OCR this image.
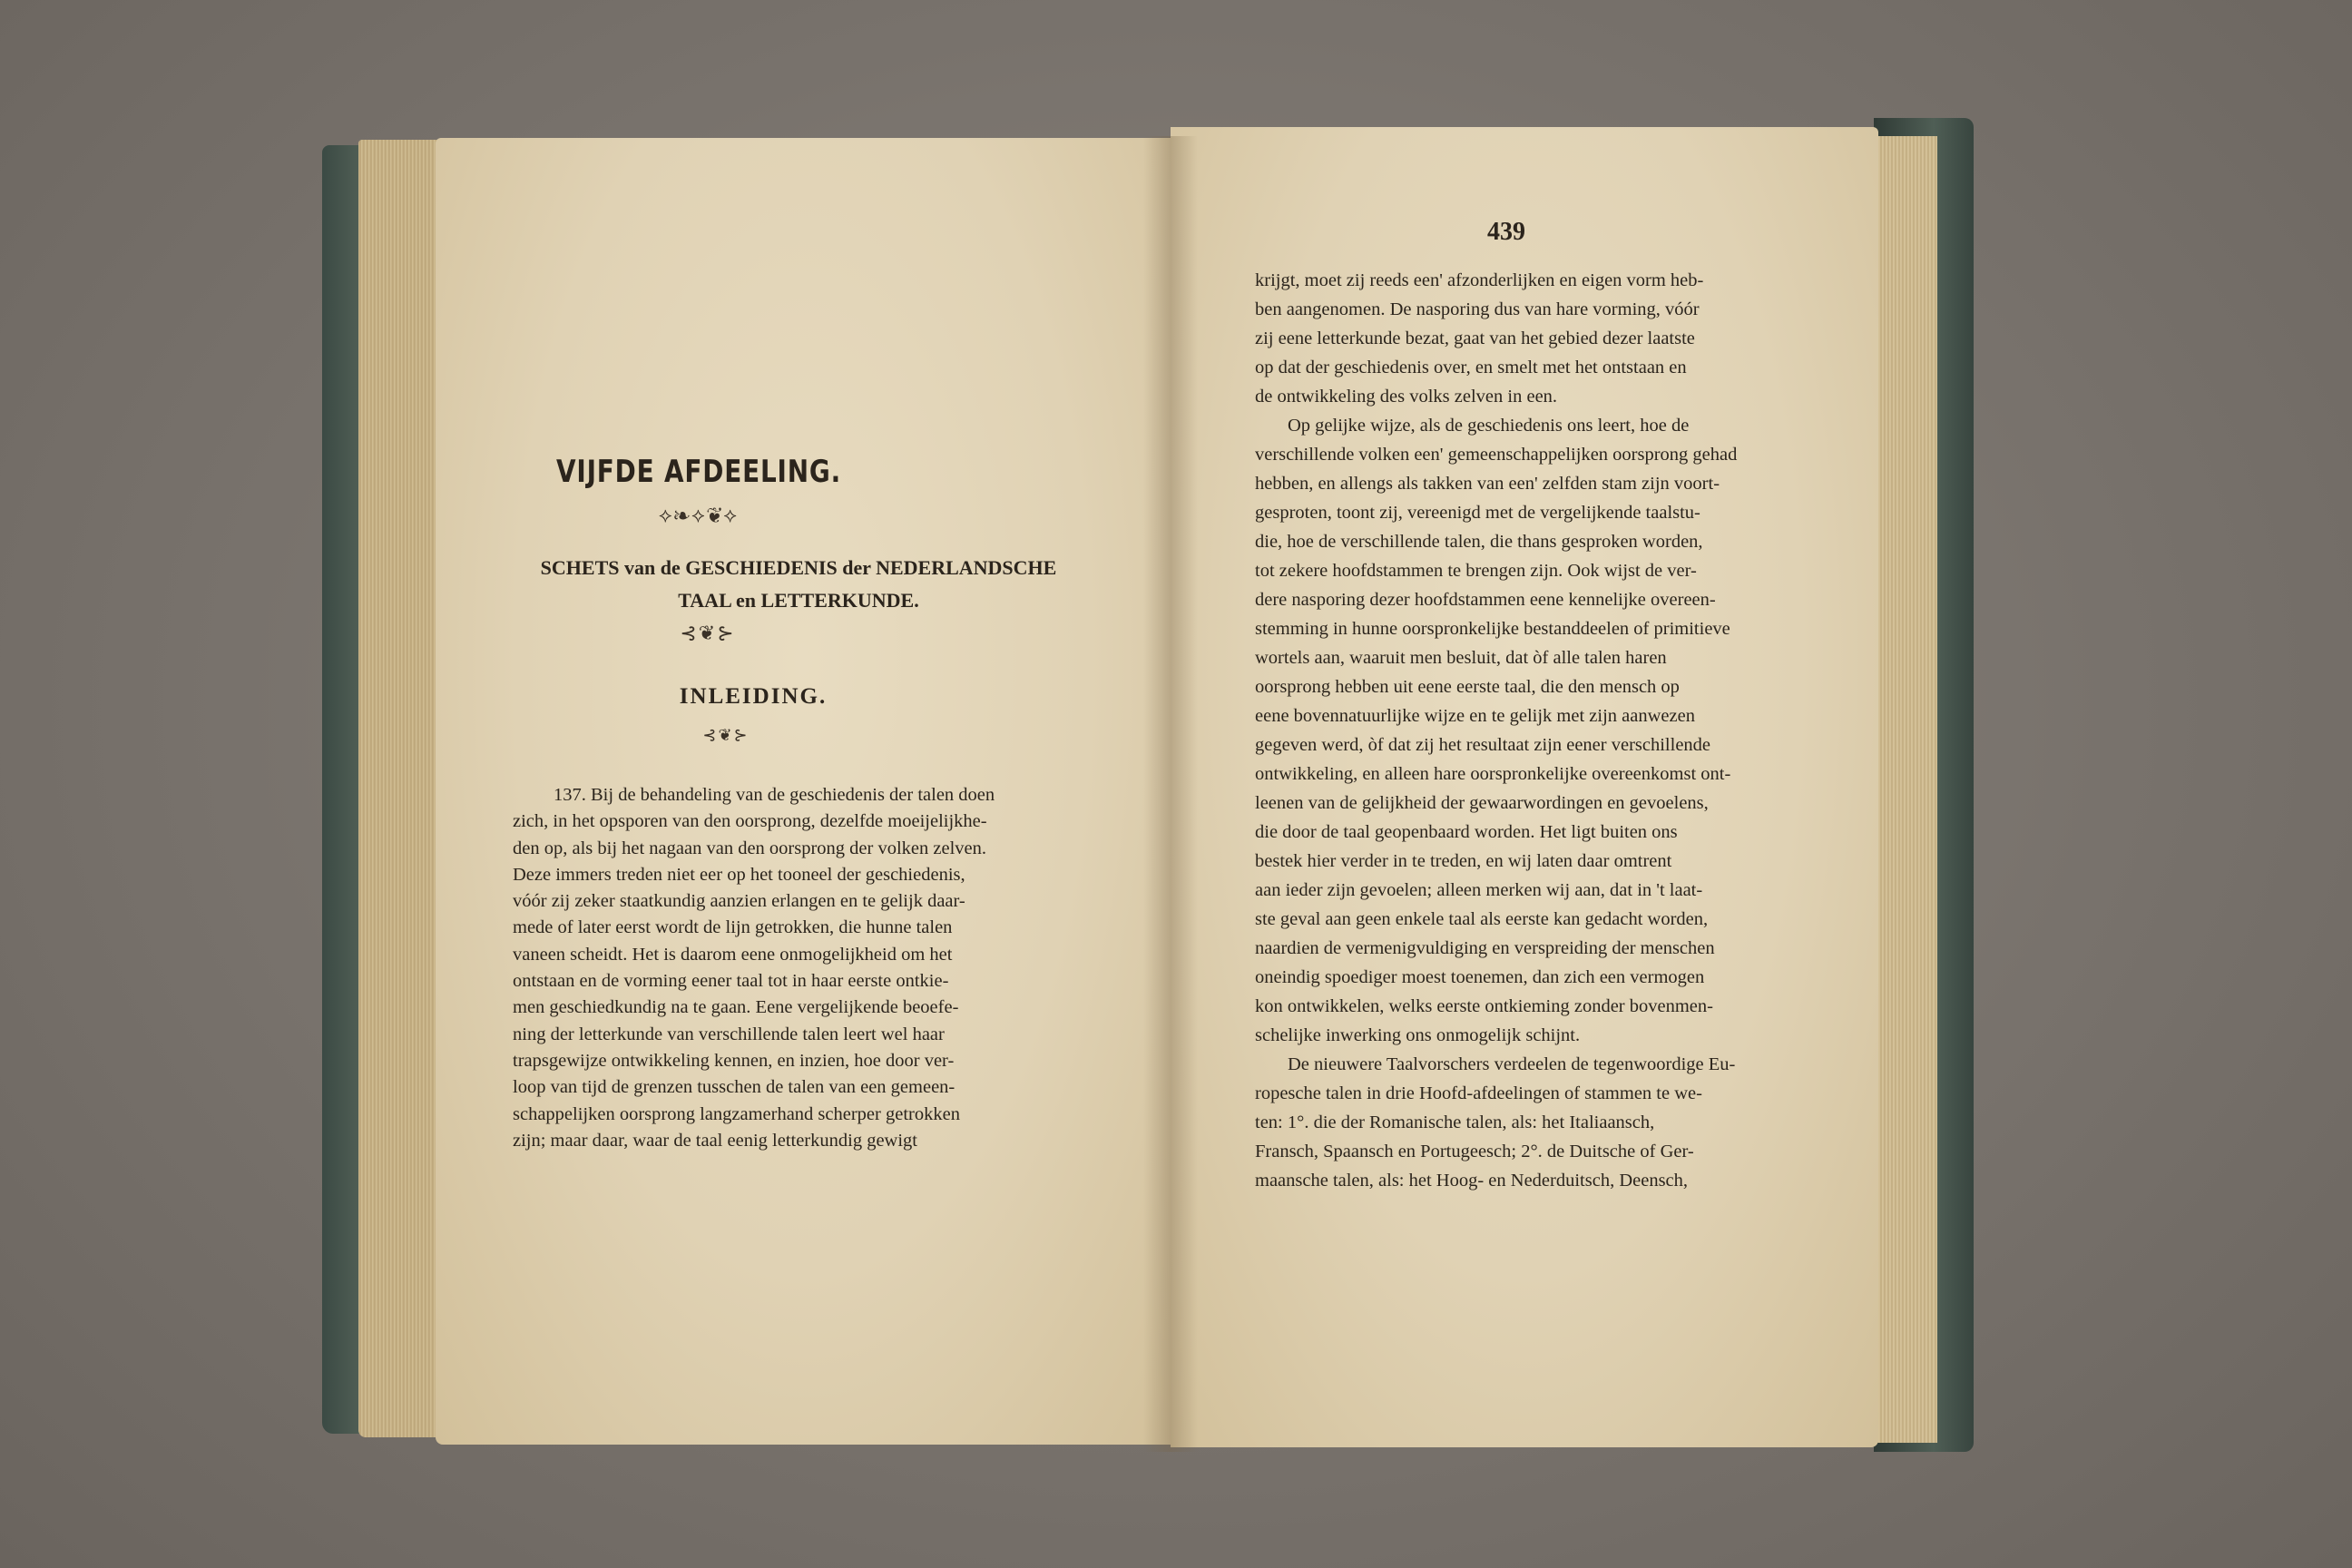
VIJFDE AFDEELING.
⟡❧⟡❦⟡
SCHETS van de GESCHIEDENIS der NEDERLANDSCHE
TAAL en LETTERKUNDE.
⊰❦⊱
INLEIDING.
⊰❦⊱
137. Bij de behandeling van de geschiedenis der talen doen
zich, in het opsporen van den oorsprong, dezelfde moeijelijkhe-
den op, als bij het nagaan van den oorsprong der volken zelven.
Deze immers treden niet eer op het tooneel der geschiedenis,
vóór zij zeker staatkundig aanzien erlangen en te gelijk daar-
mede of later eerst wordt de lijn getrokken, die hunne talen
vaneen scheidt. Het is daarom eene onmogelijkheid om het
ontstaan en de vorming eener taal tot in haar eerste ontkie-
men geschiedkundig na te gaan. Eene vergelijkende beoefe-
ning der letterkunde van verschillende talen leert wel haar
trapsgewijze ontwikkeling kennen, en inzien, hoe door ver-
loop van tijd de grenzen tusschen de talen van een gemeen-
schappelijken oorsprong langzamerhand scherper getrokken
zijn; maar daar, waar de taal eenig letterkundig gewigt
439
krijgt, moet zij reeds een' afzonderlijken en eigen vorm heb-
ben aangenomen. De nasporing dus van hare vorming, vóór
zij eene letterkunde bezat, gaat van het gebied dezer laatste
op dat der geschiedenis over, en smelt met het ontstaan en
de ontwikkeling des volks zelven in een.
Op gelijke wijze, als de geschiedenis ons leert, hoe de
verschillende volken een' gemeenschappelijken oorsprong gehad
hebben, en allengs als takken van een' zelfden stam zijn voort-
gesproten, toont zij, vereenigd met de vergelijkende taalstu-
die, hoe de verschillende talen, die thans gesproken worden,
tot zekere hoofdstammen te brengen zijn. Ook wijst de ver-
dere nasporing dezer hoofdstammen eene kennelijke overeen-
stemming in hunne oorspronkelijke bestanddeelen of primitieve
wortels aan, waaruit men besluit, dat òf alle talen haren
oorsprong hebben uit eene eerste taal, die den mensch op
eene bovennatuurlijke wijze en te gelijk met zijn aanwezen
gegeven werd, òf dat zij het resultaat zijn eener verschillende
ontwikkeling, en alleen hare oorspronkelijke overeenkomst ont-
leenen van de gelijkheid der gewaarwordingen en gevoelens,
die door de taal geopenbaard worden. Het ligt buiten ons
bestek hier verder in te treden, en wij laten daar omtrent
aan ieder zijn gevoelen; alleen merken wij aan, dat in 't laat-
ste geval aan geen enkele taal als eerste kan gedacht worden,
naardien de vermenigvuldiging en verspreiding der menschen
oneindig spoediger moest toenemen, dan zich een vermogen
kon ontwikkelen, welks eerste ontkieming zonder bovenmen-
schelijke inwerking ons onmogelijk schijnt.
De nieuwere Taalvorschers verdeelen de tegenwoordige Eu-
ropesche talen in drie Hoofd-afdeelingen of stammen te we-
ten: 1°. die der Romanische talen, als: het Italiaansch,
Fransch, Spaansch en Portugeesch; 2°. de Duitsche of Ger-
maansche talen, als: het Hoog- en Nederduitsch, Deensch,
